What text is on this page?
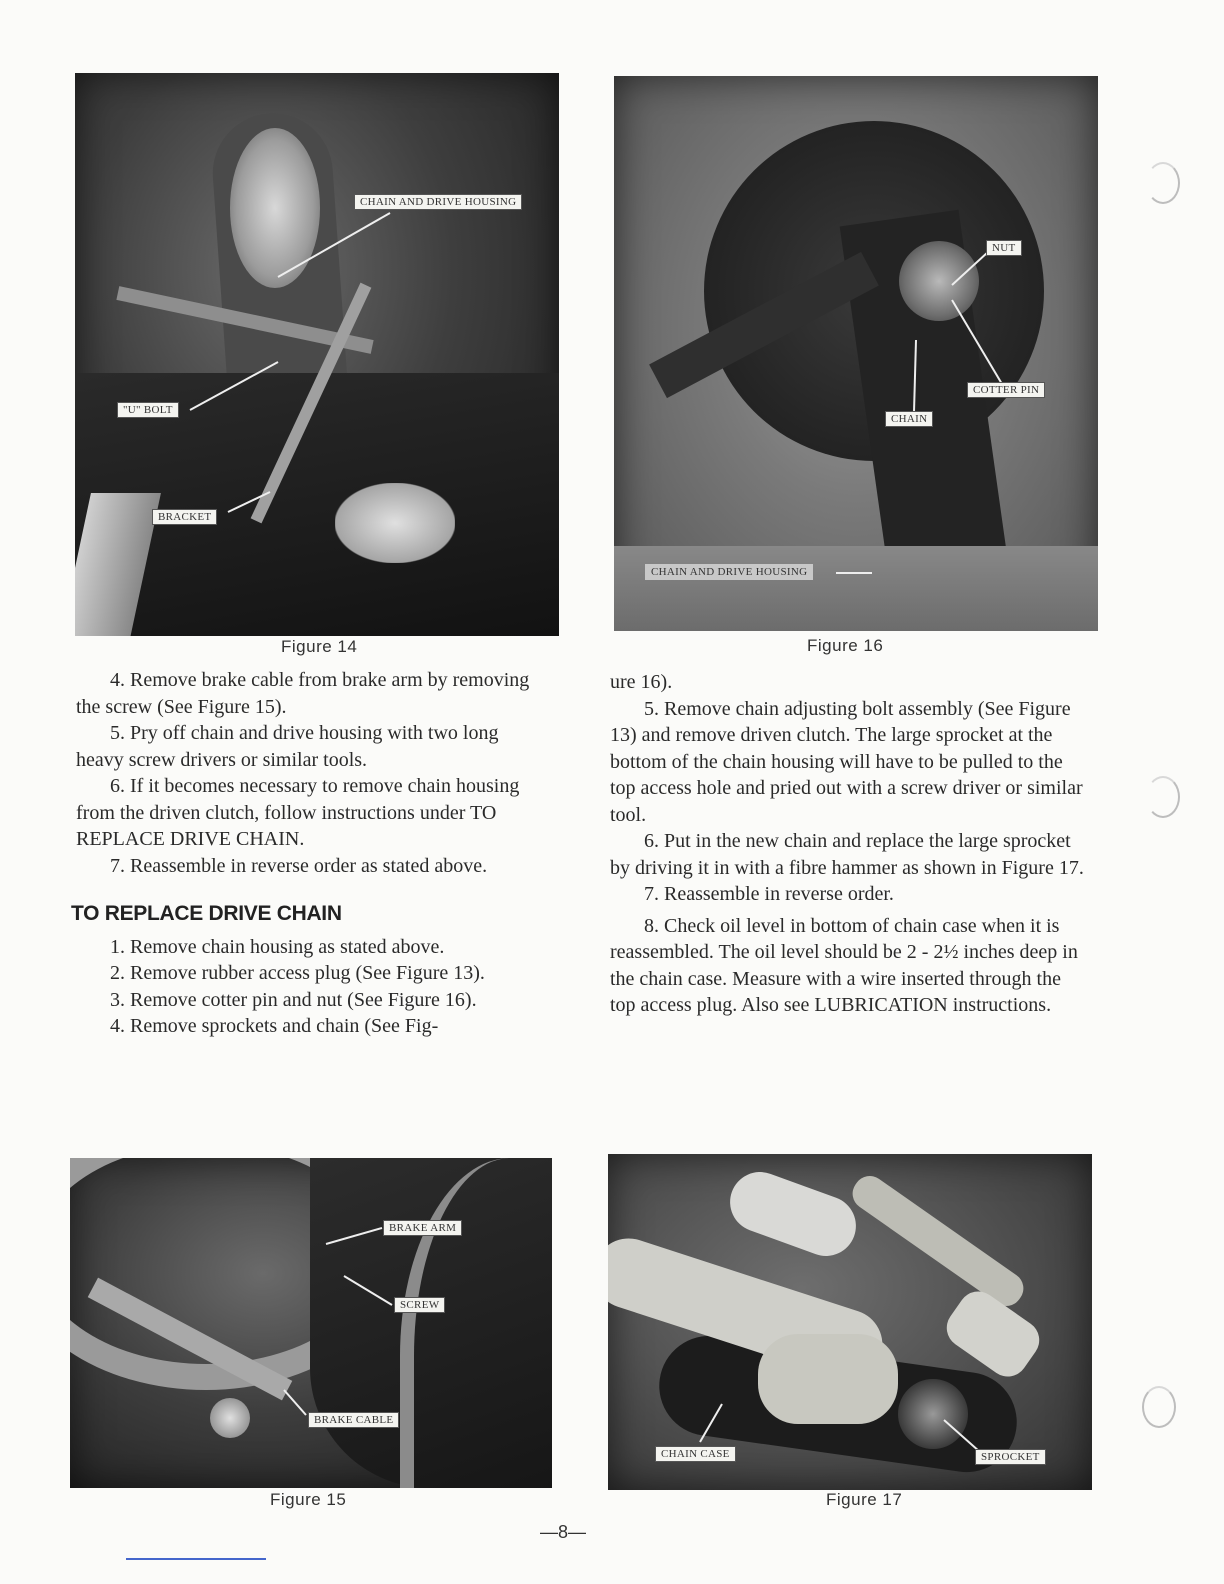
CHAIN AND DRIVE HOUSING
"U" BOLT
BRACKET
Figure 14
NUT
COTTER PIN
CHAIN
CHAIN AND DRIVE HOUSING
Figure 16

4. Remove brake cable from brake arm by removing the screw (See Figure 15).

5. Pry off chain and drive housing with two long heavy screw drivers or similar tools.

6. If it becomes necessary to remove chain housing from the driven clutch, follow instructions under TO REPLACE DRIVE CHAIN.

7. Reassemble in reverse order as stated above.

TO REPLACE DRIVE CHAIN

1. Remove chain housing as stated above.

2. Remove rubber access plug (See Figure 13).

3. Remove cotter pin and nut (See Figure 16).

4. Remove sprockets and chain (See Fig-

ure 16).

5. Remove chain adjusting bolt assembly (See Figure 13) and remove driven clutch. The large sprocket at the bottom of the chain housing will have to be pulled to the top access hole and pried out with a screw driver or similar tool.

6. Put in the new chain and replace the large sprocket by driving it in with a fibre hammer as shown in Figure 17.

7. Reassemble in reverse order.

8. Check oil level in bottom of chain case when it is reassembled. The oil level should be 2 - 2½ inches deep in the chain case. Measure with a wire inserted through the top access plug. Also see LUBRICATION instructions.

BRAKE ARM
SCREW
BRAKE CABLE
Figure 15
CHAIN CASE	SPROCKET
Figure 17
—8—
